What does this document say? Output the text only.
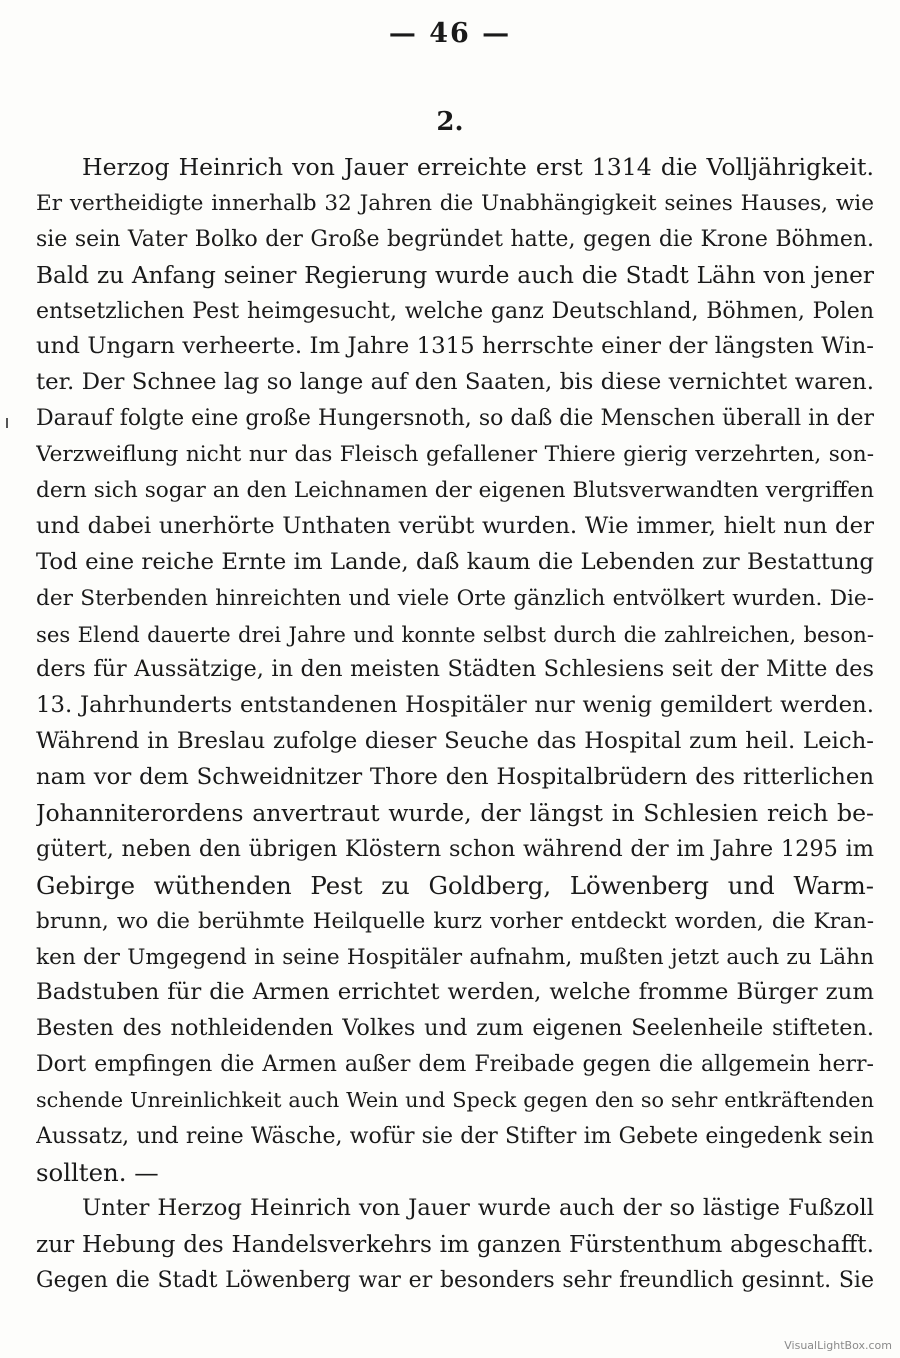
— 46 —
2.
Herzog Heinrich von Jauer erreichte erst 1314 die Volljährigkeit.
Er vertheidigte innerhalb 32 Jahren die Unabhängigkeit seines Hauses, wie
sie sein Vater Bolko der Große begründet hatte, gegen die Krone Böhmen.
Bald zu Anfang seiner Regierung wurde auch die Stadt Lähn von jener
entsetzlichen Pest heimgesucht, welche ganz Deutschland, Böhmen, Polen
und Ungarn verheerte. Im Jahre 1315 herrschte einer der längsten Win-
ter. Der Schnee lag so lange auf den Saaten, bis diese vernichtet waren.
Darauf folgte eine große Hungersnoth, so daß die Menschen überall in der
Verzweiflung nicht nur das Fleisch gefallener Thiere gierig verzehrten, son-
dern sich sogar an den Leichnamen der eigenen Blutsverwandten vergriffen
und dabei unerhörte Unthaten verübt wurden. Wie immer, hielt nun der
Tod eine reiche Ernte im Lande, daß kaum die Lebenden zur Bestattung
der Sterbenden hinreichten und viele Orte gänzlich entvölkert wurden. Die-
ses Elend dauerte drei Jahre und konnte selbst durch die zahlreichen, beson-
ders für Aussätzige, in den meisten Städten Schlesiens seit der Mitte des
13. Jahrhunderts entstandenen Hospitäler nur wenig gemildert werden.
Während in Breslau zufolge dieser Seuche das Hospital zum heil. Leich-
nam vor dem Schweidnitzer Thore den Hospitalbrüdern des ritterlichen
Johanniterordens anvertraut wurde, der längst in Schlesien reich be-
gütert, neben den übrigen Klöstern schon während der im Jahre 1295 im
Gebirge wüthenden Pest zu Goldberg, Löwenberg und Warm-
brunn, wo die berühmte Heilquelle kurz vorher entdeckt worden, die Kran-
ken der Umgegend in seine Hospitäler aufnahm, mußten jetzt auch zu Lähn
Badstuben für die Armen errichtet werden, welche fromme Bürger zum
Besten des nothleidenden Volkes und zum eigenen Seelenheile stifteten.
Dort empfingen die Armen außer dem Freibade gegen die allgemein herr-
schende Unreinlichkeit auch Wein und Speck gegen den so sehr entkräftenden
Aussatz, und reine Wäsche, wofür sie der Stifter im Gebete eingedenk sein
sollten. —
Unter Herzog Heinrich von Jauer wurde auch der so lästige Fußzoll
zur Hebung des Handelsverkehrs im ganzen Fürstenthum abgeschafft.
Gegen die Stadt Löwenberg war er besonders sehr freundlich gesinnt. Sie
VisualLightBox.com
